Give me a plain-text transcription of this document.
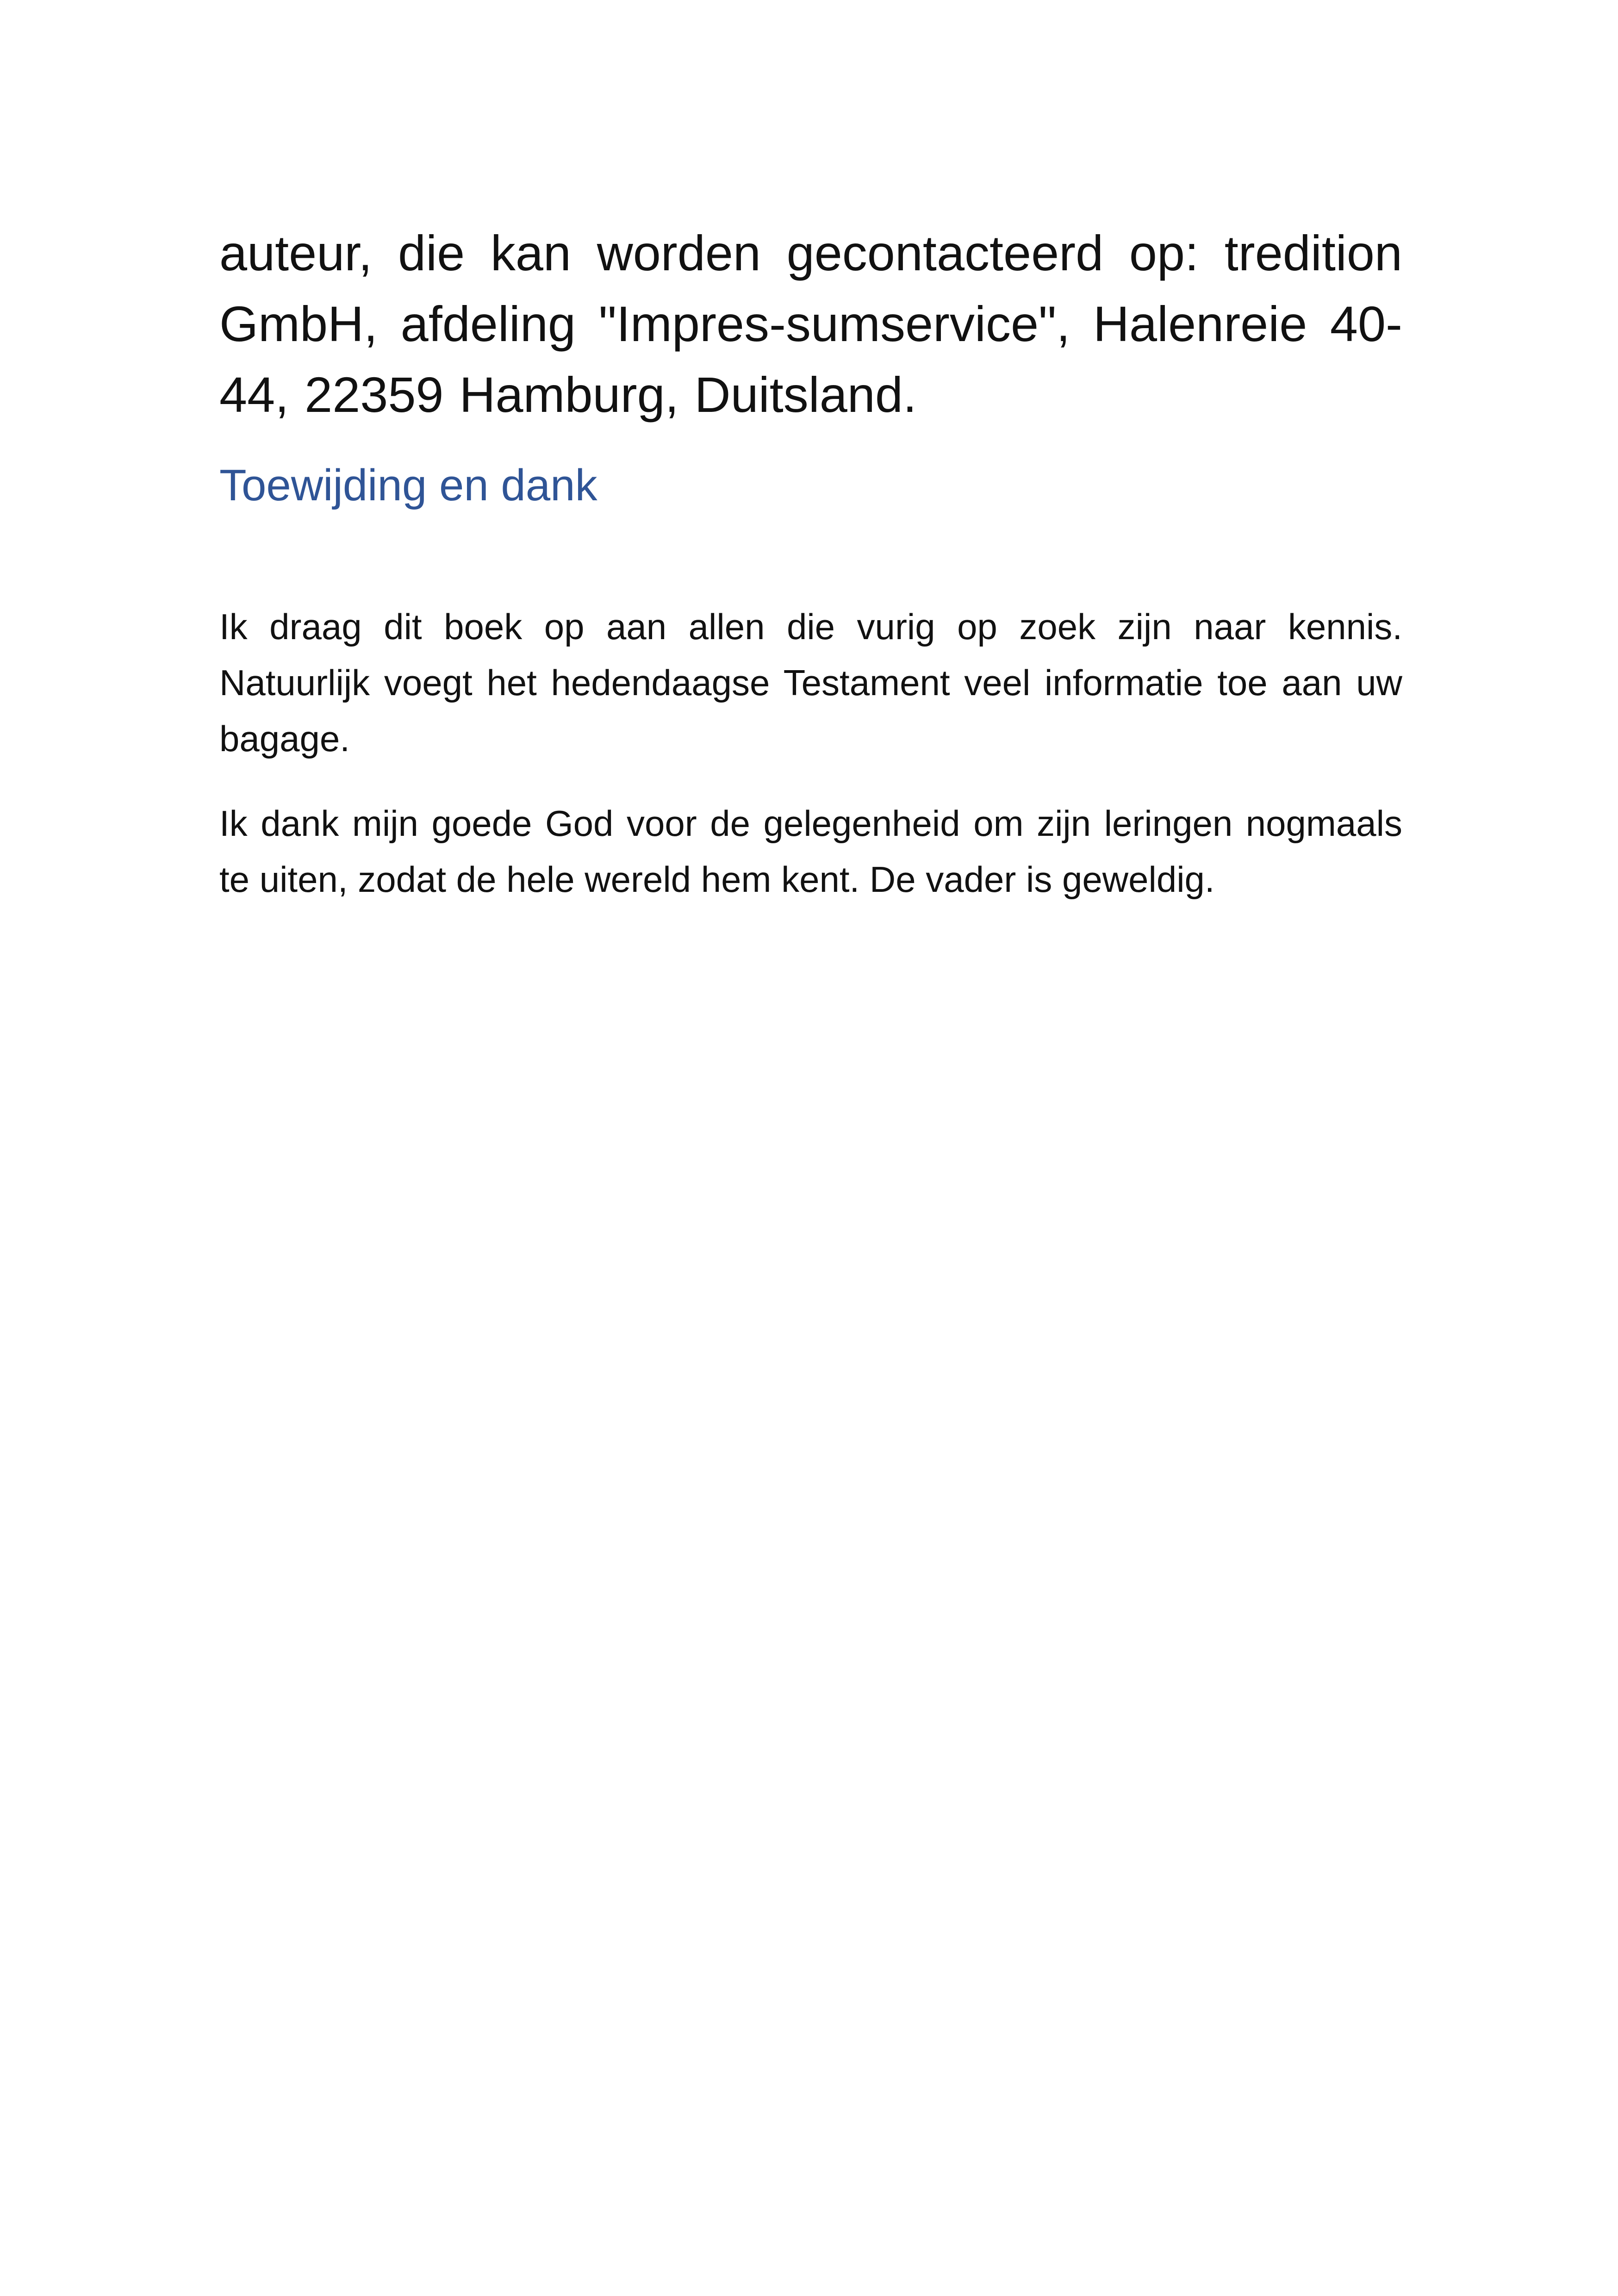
auteur, die kan worden gecontacteerd op: tredition GmbH, afdeling "Impres-sumservice", Halenreie 40-44, 22359 Hamburg, Duitsland.

Toewijding en dank

Ik draag dit boek op aan allen die vurig op zoek zijn naar kennis. Natuurlijk voegt het hedendaagse Testament veel informatie toe aan uw bagage.

Ik dank mijn goede God voor de gelegenheid om zijn leringen nogmaals te uiten, zodat de hele wereld hem kent. De vader is geweldig.
